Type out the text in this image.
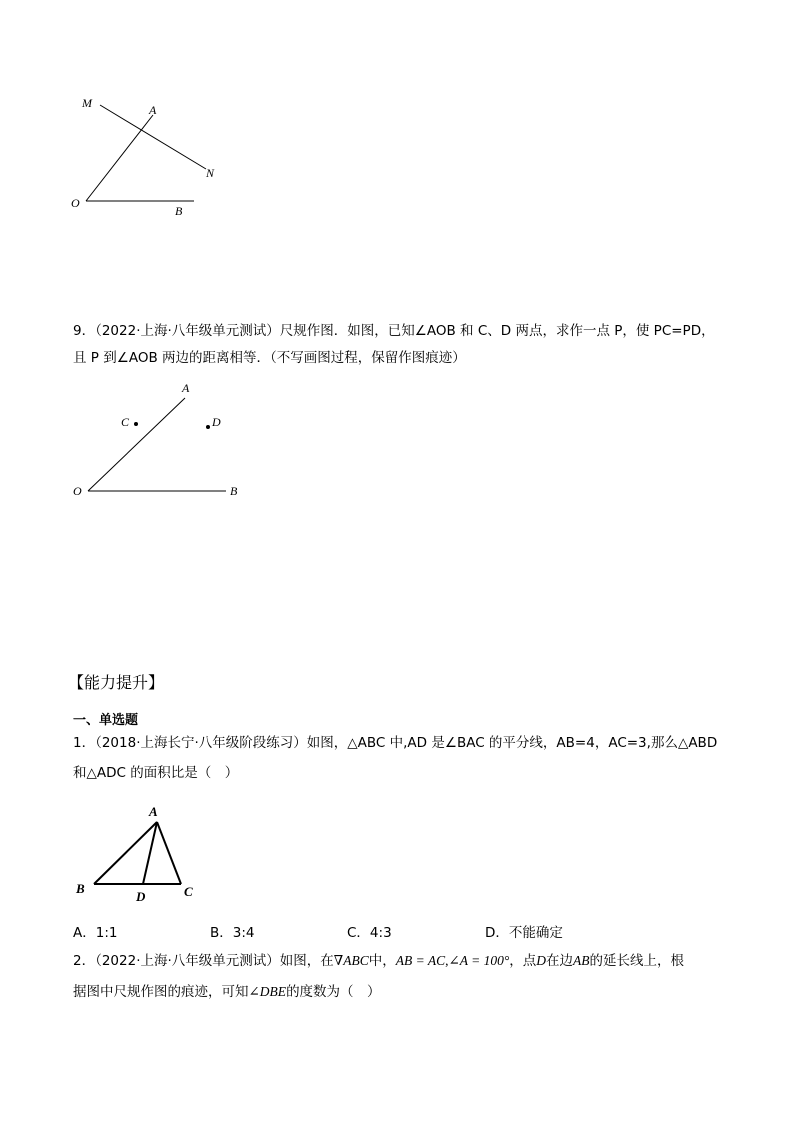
M	A
N
O
B
9．（2022·上海·八年级单元测试）尺规作图．如图，已知∠AOB 和 C、D 两点，求作一点 P，使 PC=PD，
且 P 到∠AOB 两边的距离相等．（不写画图过程，保留作图痕迹）
A
C	D
O	B
【能力提升】
一、单选题
1．（2018·上海长宁·八年级阶段练习）如图，△ABC 中,AD 是∠BAC 的平分线，AB=4，AC=3,那么△ABD
和△ADC 的面积比是（　）
A
B
D	C
A．1:1	B．3:4	C．4:3	D．不能确定
2．（2022·上海·八年级单元测试）如图，在∇ABC中，AB = AC,∠A = 100°，点D在边AB的延长线上，根
据图中尺规作图的痕迹，可知∠DBE的度数为（　）
